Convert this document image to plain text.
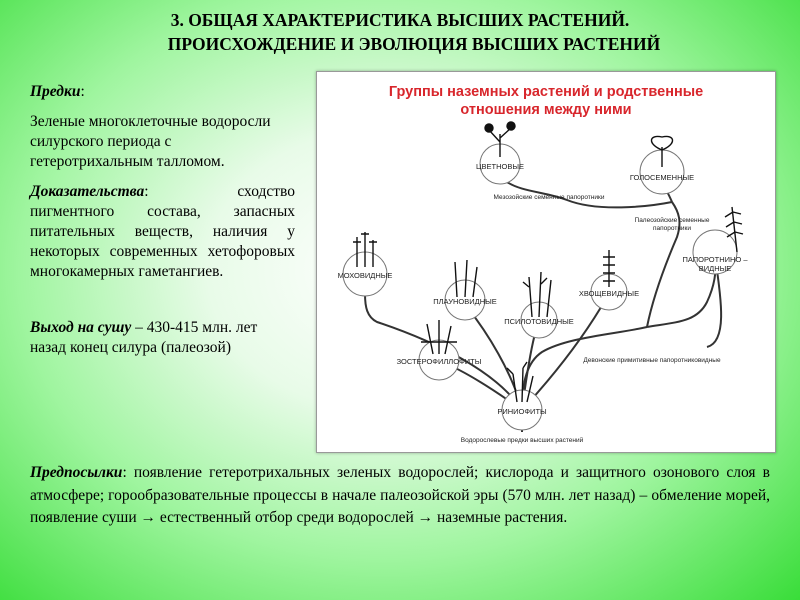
3. ОБЩАЯ ХАРАКТЕРИСТИКА ВЫСШИХ РАСТЕНИЙ.
ПРОИСХОЖДЕНИЕ И ЭВОЛЮЦИЯ ВЫСШИХ РАСТЕНИЙ

Предки:

Зеленые многоклеточные водоросли силурского периода с гетеротрихальным талломом.

Доказательства: сходство пигментного состава, запасных питательных веществ, наличия у некоторых современных хетофоровых многокамерных гаметангиев.

Выход на сушу – 430-415 млн. лет назад конец силура (палеозой)

Группы наземных растений и родственные
отношения между ними
ЦВЕТНОВЫЕ
ГОЛОСЕМЕННЫЕ
Мезозойские семенные папоротники
Палеозойские семенные
папоротники
ПАПОРОТНИНО –
ВИДНЫЕ
МОХОВИДНЫЕ
ПЛАУНОВИДНЫЕ
ПСИЛОТОВИДНЫЕ
ХВОЩЕВИДНЫЕ
ЗОСТЕРОФИЛЛОФИТЫ	Девонские примитивные папоротниковидные
РИНИОФИТЫ
Водорослевые предки высших растений

Предпосылки: появление гетеротрихальных зеленых водорослей; кислорода и защитного озонового слоя в атмосфере; горообразовательные процессы в начале палеозойской эры (570 млн. лет назад) – обмеление морей, появление суши → естественный отбор среди водорослей → наземные растения.
